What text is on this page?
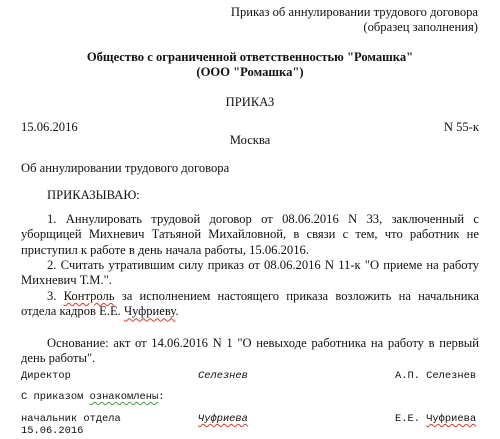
Приказ об аннулировании трудового договора
(образец заполнения)
Общество с ограниченной ответственностью "Ромашка"
(ООО "Ромашка")
ПРИКАЗ
15.06.2016	N 55-к
Москва
Об аннулировании трудового договора
ПРИКАЗЫВАЮ:
1. Аннулировать трудовой договор от 08.06.2016 N 33, заключенный с уборщицей Михневич Татьяной Михайловной, в связи с тем, что работник не приступил к работе в день начала работы, 15.06.2016.
2. Считать утратившим силу приказ от 08.06.2016 N 11-к "О приеме на работу Михневич Т.М.".
3. Контроль за исполнением настоящего приказа возложить на начальника отдела кадров Е.Е. Чуфриеву.
Основание: акт от 14.06.2016 N 1 "О невыходе работника на работу в первый день работы".
Директор	Селезнев	А.П. Селезнев
С приказом ознакомлены:
начальник отдела	Чуфриева	Е.Е. Чуфриева
15.06.2016
